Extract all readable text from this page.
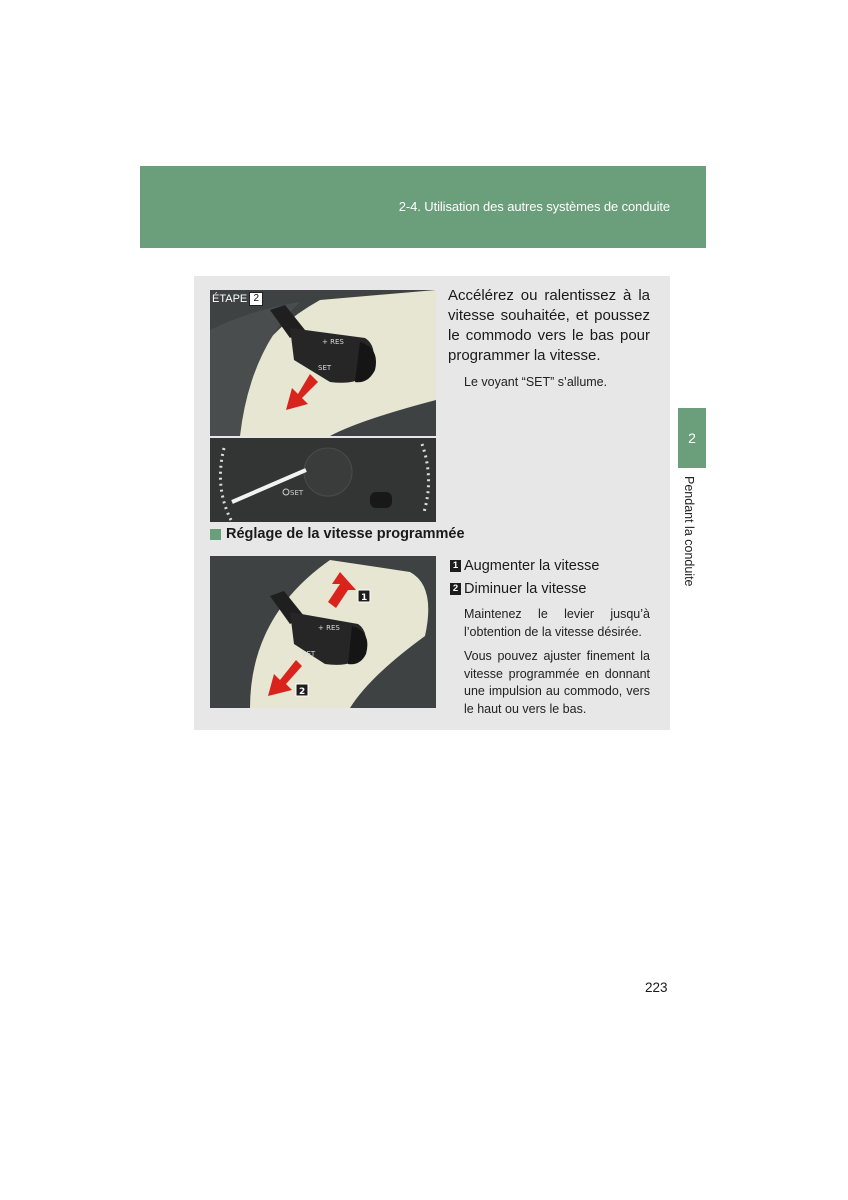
2-4. Utilisation des autres systèmes de conduite
2
Pendant la conduite
+ RES
SET
ÉTAPE 2
SET
Accélérez ou ralentissez à la vitesse souhaitée, et poussez le commodo vers le bas pour programmer la vitesse.
Le voyant “SET” s’allume.
Réglage de la vitesse programmée
+ RES
SET
1
2
1 Augmenter la vitesse
2 Diminuer la vitesse
Maintenez le levier jusqu’à l’obtention de la vitesse désirée.
Vous pouvez ajuster finement la vitesse programmée en donnant une impulsion au commodo, vers le haut ou vers le bas.
223
